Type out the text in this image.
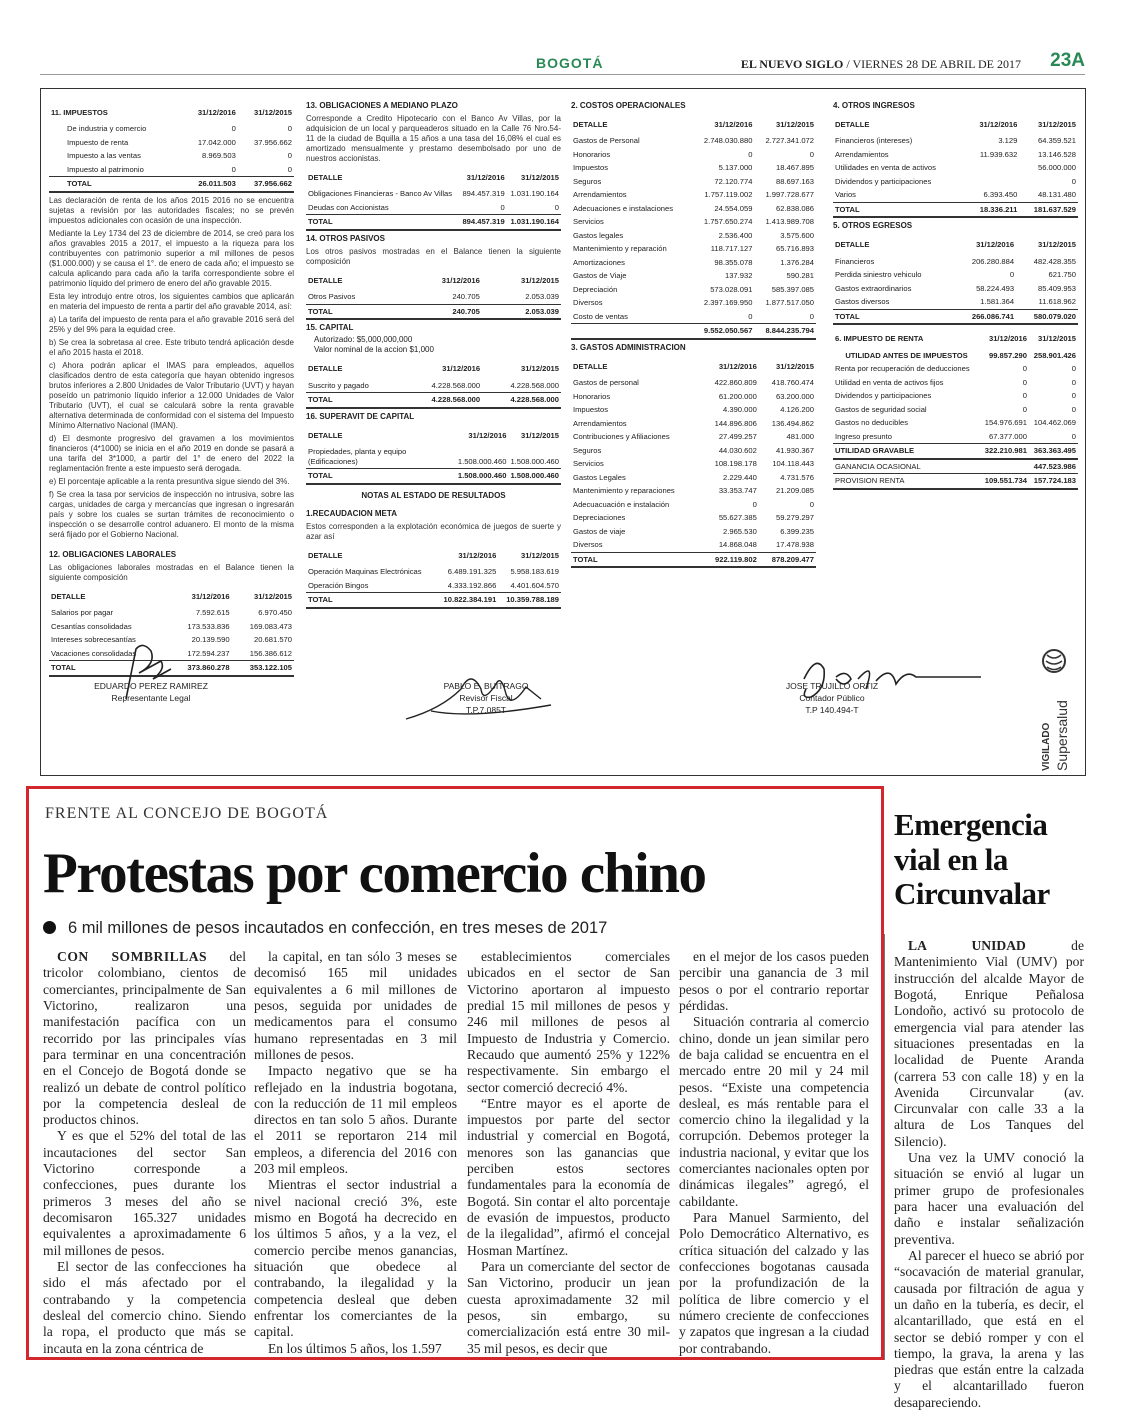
BOGOTÁ	EL NUEVO SIGLO / VIERNES 28 DE ABRIL DE 2017 23A
11. IMPUESTOS	31/12/2016	31/12/2015
De industria y comercio	0	0
Impuesto de renta	17.042.000	37.956.662
Impuesto a las ventas	8.969.503	0
Impuesto al patrimonio	0	0
TOTAL	26.011.503	37.956.662

Las declaración de renta de los años 2015 2016 no se encuentra sujetas a revisión por las autoridades fiscales; no se prevén impuestos adicionales con ocasión de una inspección.

Mediante la Ley 1734 del 23 de diciembre de 2014, se creó para los años gravables 2015 a 2017, el impuesto a la riqueza para los contribuyentes con patrimonio superior a mil millones de pesos ($1.000.000) y se causa el 1°. de enero de cada año; el impuesto se calcula aplicando para cada año la tarifa correspondiente sobre el patrimonio líquido del primero de enero del año gravable 2015.

Esta ley introdujo entre otros, los siguientes cambios que aplicarán en materia del impuesto de renta a partir del año gravable 2014, así:

a) La tarifa del impuesto de renta para el año gravable 2016 será del 25% y del 9% para la equidad cree.

b) Se crea la sobretasa al cree. Este tributo tendrá aplicación desde el año 2015 hasta el 2018.

c) Ahora podrán aplicar el IMAS para empleados, aquellos clasificados dentro de esta categoría que hayan obtenido ingresos brutos inferiores a 2.800 Unidades de Valor Tributario (UVT) y hayan poseído un patrimonio líquido inferior a 12.000 Unidades de Valor Tributario (UVT), el cual se calculará sobre la renta gravable alternativa determinada de conformidad con el sistema del Impuesto Mínimo Alternativo Nacional (IMAN).

d) El desmonte progresivo del gravamen a los movimientos financieros (4*1000) se inicia en el año 2019 en donde se pasará a una tarifa del 3*1000, a partir del 1° de enero del 2022 la reglamentación frente a este impuesto será derogada.

e) El porcentaje aplicable a la renta presuntiva sigue siendo del 3%.

f) Se crea la tasa por servicios de inspección no intrusiva, sobre las cargas, unidades de carga y mercancías que ingresan o ingresarán país y sobre los cuales se surtan trámites de reconocimiento o inspección o se desarrolle control aduanero. El monto de la misma será fijado por el Gobierno Nacional.

12. OBLIGACIONES LABORALES
Las obligaciones laborales mostradas en el Balance tienen la siguiente composición
DETALLE	31/12/2016	31/12/2015
Salarios por pagar	7.592.615	6.970.450
Cesantías consolidadas	173.533.836	169.083.473
Intereses sobrecesantías	20.139.590	20.681.570
Vacaciones consolidadas	172.594.237	156.386.612
TOTAL	373.860.278	353.122.105
13. OBLIGACIONES A MEDIANO PLAZO
Corresponde a Credito Hipotecario con el Banco Av Villas, por la adquisicion de un local y parqueaderos situado en la Calle 76 Nro.54-11 de la ciudad de Bquilla a 15 años a una tasa del 16,08% el cual es amortizado mensualmente y prestamo desembolsado por uno de nuestros accionistas.
DETALLE	31/12/2016	31/12/2015
Obligaciones Financieras - Banco Av Villas	894.457.319	1.031.190.164
Deudas con Accionistas	0	0
TOTAL	894.457.319	1.031.190.164
14. OTROS PASIVOS
Los otros pasivos mostradas en el Balance tienen la siguiente composición
DETALLE	31/12/2016	31/12/2015
Otros Pasivos	240.705	2.053.039
TOTAL	240.705	2.053.039
15. CAPITAL
Autorizado: $5,000,000,000
Valor nominal de la accion $1,000
DETALLE	31/12/2016	31/12/2015
Suscrito y pagado	4.228.568.000	4.228.568.000
TOTAL	4.228.568.000	4.228.568.000
16. SUPERAVIT DE CAPITAL
DETALLE	31/12/2016	31/12/2015
Propiedades, planta y equipo (Edificaciones)	1.508.000.460	1.508.000.460
TOTAL	1.508.000.460	1.508.000.460
NOTAS AL ESTADO DE RESULTADOS
1.RECAUDACION META
Estos corresponden a la explotación económica de juegos de suerte y azar así
DETALLE	31/12/2016	31/12/2015
Operación Maquinas Electrónicas	6.489.191.325	5.958.183.619
Operación Bingos	4.333.192.866	4.401.604.570
TOTAL	10.822.384.191	10.359.788.189
2. COSTOS OPERACIONALES
DETALLE	31/12/2016	31/12/2015
Gastos de Personal	2.748.030.880	2.727.341.072
Honorarios	0	0
Impuestos	5.137.000	18.467.895
Seguros	72.120.774	88.697.163
Arrendamientos	1.757.119.002	1.997.728.677
Adecuaciones e instalaciones	24.554.059	62.838.086
Servicios	1.757.650.274	1.413.989.708
Gastos legales	2.536.400	3.575.600
Mantenimiento y reparación	118.717.127	65.716.893
Amortizaciones	98.355.078	1.376.284
Gastos de Viaje	137.932	590.281
Depreciación	573.028.091	585.397.085
Diversos	2.397.169.950	1.877.517.050
Costo de ventas	0	0
	9.552.050.567	8.844.235.794
3. GASTOS ADMINISTRACION
DETALLE	31/12/2016	31/12/2015
Gastos de personal	422.860.809	418.760.474
Honorarios	61.200.000	63.200.000
Impuestos	4.390.000	4.126.200
Arrendamientos	144.896.806	136.494.862
Contribuciones y Afiliaciones	27.499.257	481.000
Seguros	44.030.602	41.930.367
Servicios	108.198.178	104.118.443
Gastos Legales	2.229.440	4.731.576
Mantenimiento y reparaciones	33.353.747	21.209.085
Adecuacuación e instalación	0	0
Depreciaciones	55.627.385	59.279.297
Gastos de viaje	2.965.530	6.399.235
Diversos	14.868.048	17.478.938
TOTAL	922.119.802	878.209.477
4. OTROS INGRESOS
DETALLE	31/12/2016	31/12/2015
Financieros (intereses)	3.129	64.359.521
Arrendamientos	11.939.632	13.146.528
Utilidades en venta de activos		56.000.000
Dividendos y participaciones		0
Varios	6.393.450	48.131.480
TOTAL	18.336.211	181.637.529
5. OTROS EGRESOS
DETALLE	31/12/2016	31/12/2015
Financieros	206.280.884	482.428.355
Perdida siniestro vehiculo	0	621.750
Gastos extraordinarios	58.224.493	85.409.953
Gastos diversos	1.581.364	11.618.962
TOTAL	266.086.741	580.079.020
6. IMPUESTO DE RENTA	31/12/2016	31/12/2015
UTILIDAD ANTES DE IMPUESTOS	99.857.290	258.901.426
Renta por recuperación de deducciones	0	0
Utilidad en venta de activos fijos	0	0
Dividendos y participaciones	0	0
Gastos de seguridad social	0	0
Gastos no deducibles	154.976.691	104.462.069
Ingreso presunto	67.377.000	0
UTILIDAD GRAVABLE	322.210.981	363.363.495
GANANCIA OCASIONAL		447.523.986
PROVISION RENTA	109.551.734	157.724.183
EDUARDO PEREZ RAMIREZ
Representante Legal
PABLO E. BUITRAGO
Revisor Fiscal
T.P.7.085T
JOSE TRUJILLO ORTIZ
Contador Público
T.P 140.494-T
VIGILADO Supersalud
FRENTE AL CONCEJO DE BOGOTÁ
Protestas por comercio chino
6 mil millones de pesos incautados en confección, en tres meses de 2017

CON SOMBRILLAS del tricolor colombiano, cientos de comerciantes, principalmente de San Victorino, realizaron una manifestación pacífica con un recorrido por las principales vías para terminar en una concentración en el Concejo de Bogotá donde se realizó un debate de control político por la competencia desleal de productos chinos.

Y es que el 52% del total de las incautaciones del sector San Victorino corresponde a confecciones, pues durante los primeros 3 meses del año se decomisaron 165.327 unidades equivalentes a aproximadamente 6 mil millones de pesos.

El sector de las confecciones ha sido el más afectado por el contrabando y la competencia desleal del comercio chino. Siendo la ropa, el producto que más se incauta en la zona céntrica de

la capital, en tan sólo 3 meses se decomisó 165 mil unidades equivalentes a 6 mil millones de pesos, seguida por unidades de medicamentos para el consumo humano representadas en 3 mil millones de pesos.

Impacto negativo que se ha reflejado en la industria bogotana, con la reducción de 11 mil empleos directos en tan solo 5 años. Durante el 2011 se reportaron 214 mil empleos, a diferencia del 2016 con 203 mil empleos.

Mientras el sector industrial a nivel nacional creció 3%, este mismo en Bogotá ha decrecido en los últimos 5 años, y a la vez, el comercio percibe menos ganancias, situación que obedece al contrabando, la ilegalidad y la competencia desleal que deben enfrentar los comerciantes de la capital.

En los últimos 5 años, los 1.597

establecimientos comerciales ubicados en el sector de San Victorino aportaron al impuesto predial 15 mil millones de pesos y 246 mil millones de pesos al Impuesto de Industria y Comercio. Recaudo que aumentó 25% y 122% respectivamente. Sin embargo el sector comerció decreció 4%.

“Entre mayor es el aporte de impuestos por parte del sector industrial y comercial en Bogotá, menores son las ganancias que perciben estos sectores fundamentales para la economía de Bogotá. Sin contar el alto porcentaje de evasión de impuestos, producto de la ilegalidad”, afirmó el concejal Hosman Martínez.

Para un comerciante del sector de San Victorino, producir un jean cuesta aproximadamente 32 mil pesos, sin embargo, su comercialización está entre 30 mil-35 mil pesos, es decir que

en el mejor de los casos pueden percibir una ganancia de 3 mil pesos o por el contrario reportar pérdidas.

Situación contraria al comercio chino, donde un jean similar pero de baja calidad se encuentra en el mercado entre 20 mil y 24 mil pesos. “Existe una competencia desleal, es más rentable para el comercio chino la ilegalidad y la corrupción. Debemos proteger la industria nacional, y evitar que los comerciantes nacionales opten por dinámicas ilegales” agregó, el cabildante.

Para Manuel Sarmiento, del Polo Democrático Alternativo, es crítica situación del calzado y las confecciones bogotanas causada por la profundización de la política de libre comercio y el número creciente de confecciones y zapatos que ingresan a la ciudad por contrabando.

Emergencia vial en la Circunvalar

LA UNIDAD de Mantenimiento Vial (UMV) por instrucción del alcalde Mayor de Bogotá, Enrique Peñalosa Londoño, activó su protocolo de emergencia vial para atender las situaciones presentadas en la localidad de Puente Aranda (carrera 53 con calle 18) y en la Avenida Circunvalar (av. Circunvalar con calle 33 a la altura de Los Tanques del Silencio).

Una vez la UMV conoció la situación se envió al lugar un primer grupo de profesionales para hacer una evaluación del daño e instalar señalización preventiva.

Al parecer el hueco se abrió por “socavación de material granular, causada por filtración de agua y un daño en la tubería, es decir, el alcantarillado, que está en el sector se debió romper y con el tiempo, la grava, la arena y las piedras que están entre la calzada y el alcantarillado fueron desapareciendo.
